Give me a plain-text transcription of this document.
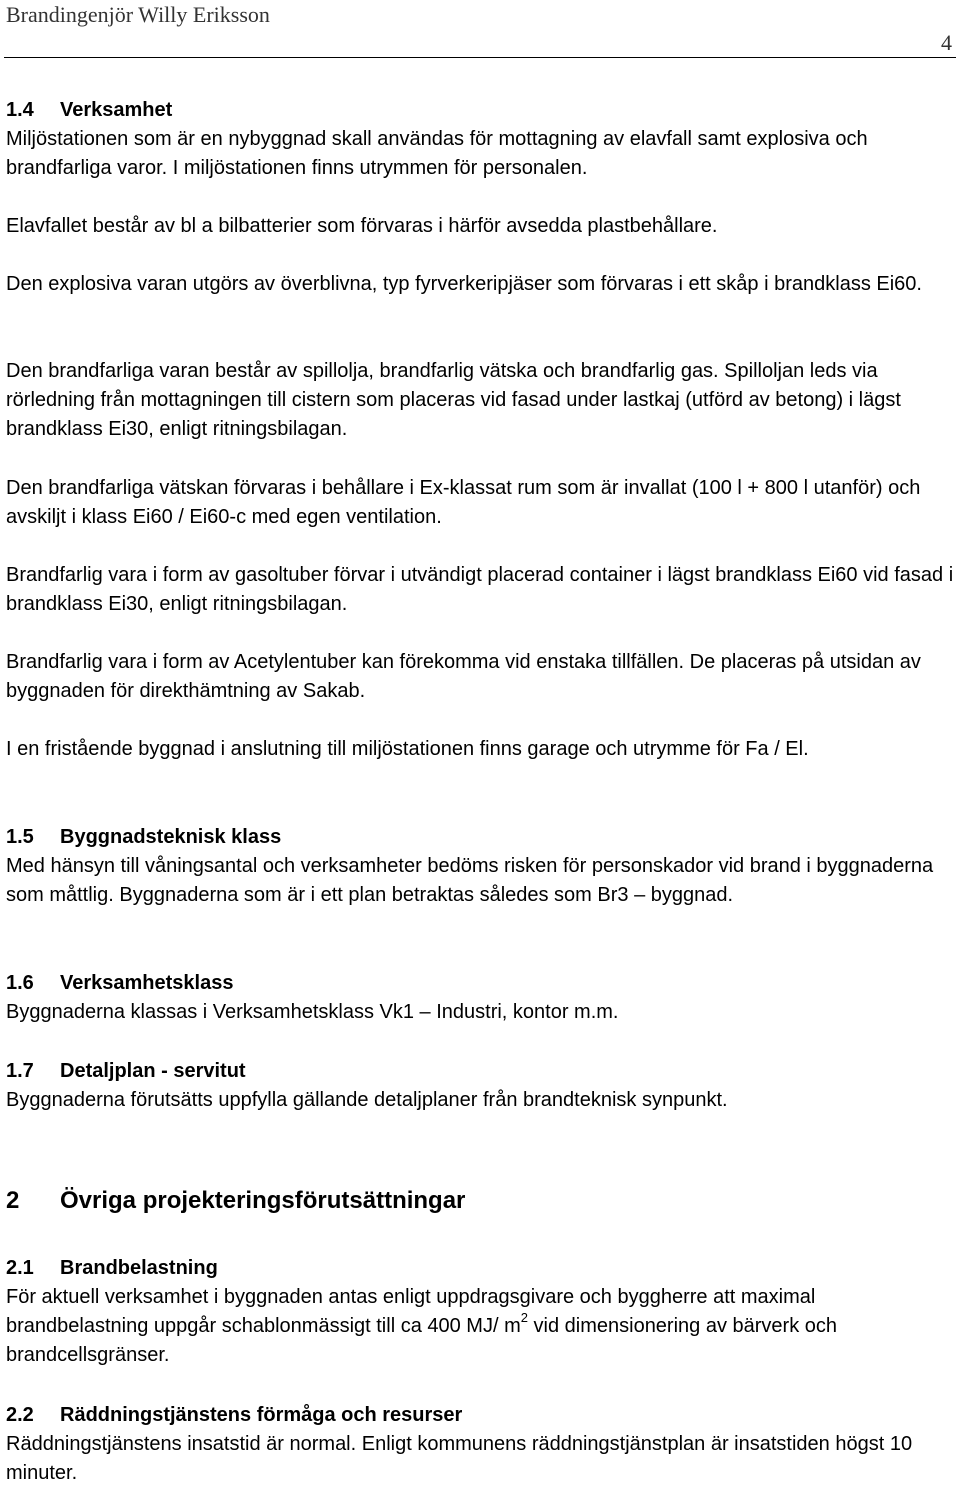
Brandingenjör Willy Eriksson
4
1.4 Verksamhet

Miljöstationen som är en nybyggnad skall användas för mottagning av elavfall samt explosiva och brandfarliga varor. I miljöstationen finns utrymmen för personalen.

Elavfallet består av bl a bilbatterier som förvaras i härför avsedda plastbehållare.

Den explosiva varan utgörs av överblivna, typ fyrverkeripjäser som förvaras i ett skåp i brandklass Ei60.

Den brandfarliga varan består av spillolja, brandfarlig vätska och brandfarlig gas. Spilloljan leds via rörledning från mottagningen till cistern som placeras vid fasad under lastkaj (utförd av betong) i lägst brandklass Ei30, enligt ritningsbilagan.

Den brandfarliga vätskan förvaras i behållare i Ex-klassat rum som är invallat (100 l + 800 l utanför) och avskiljt i klass Ei60 / Ei60-c med egen ventilation.

Brandfarlig vara i form av gasoltuber förvar i utvändigt placerad container i lägst brandklass Ei60 vid fasad i brandklass Ei30, enligt ritningsbilagan.

Brandfarlig vara i form av Acetylentuber kan förekomma vid enstaka tillfällen. De placeras på utsidan av byggnaden för direkthämtning av Sakab.

I en fristående byggnad i anslutning till miljöstationen finns garage och utrymme för Fa / El.

1.5 Byggnadsteknisk klass

Med hänsyn till våningsantal och verksamheter bedöms risken för personskador vid brand i byggnaderna som måttlig. Byggnaderna som är i ett plan betraktas således som Br3 – byggnad.

1.6 Verksamhetsklass

Byggnaderna klassas i Verksamhetsklass Vk1 – Industri, kontor m.m.

1.7 Detaljplan - servitut

Byggnaderna förutsätts uppfylla gällande detaljplaner från brandteknisk synpunkt.

2 Övriga projekteringsförutsättningar
2.1 Brandbelastning

För aktuell verksamhet i byggnaden antas enligt uppdragsgivare och byggherre att maximal brandbelastning uppgår schablonmässigt till ca 400 MJ/ $m^2$ vid dimensionering av bärverk och brandcellsgränser.

2.2 Räddningstjänstens förmåga och resurser

Räddningstjänstens insatstid är normal. Enligt kommunens räddningstjänstplan är insatstiden högst 10 minuter.
